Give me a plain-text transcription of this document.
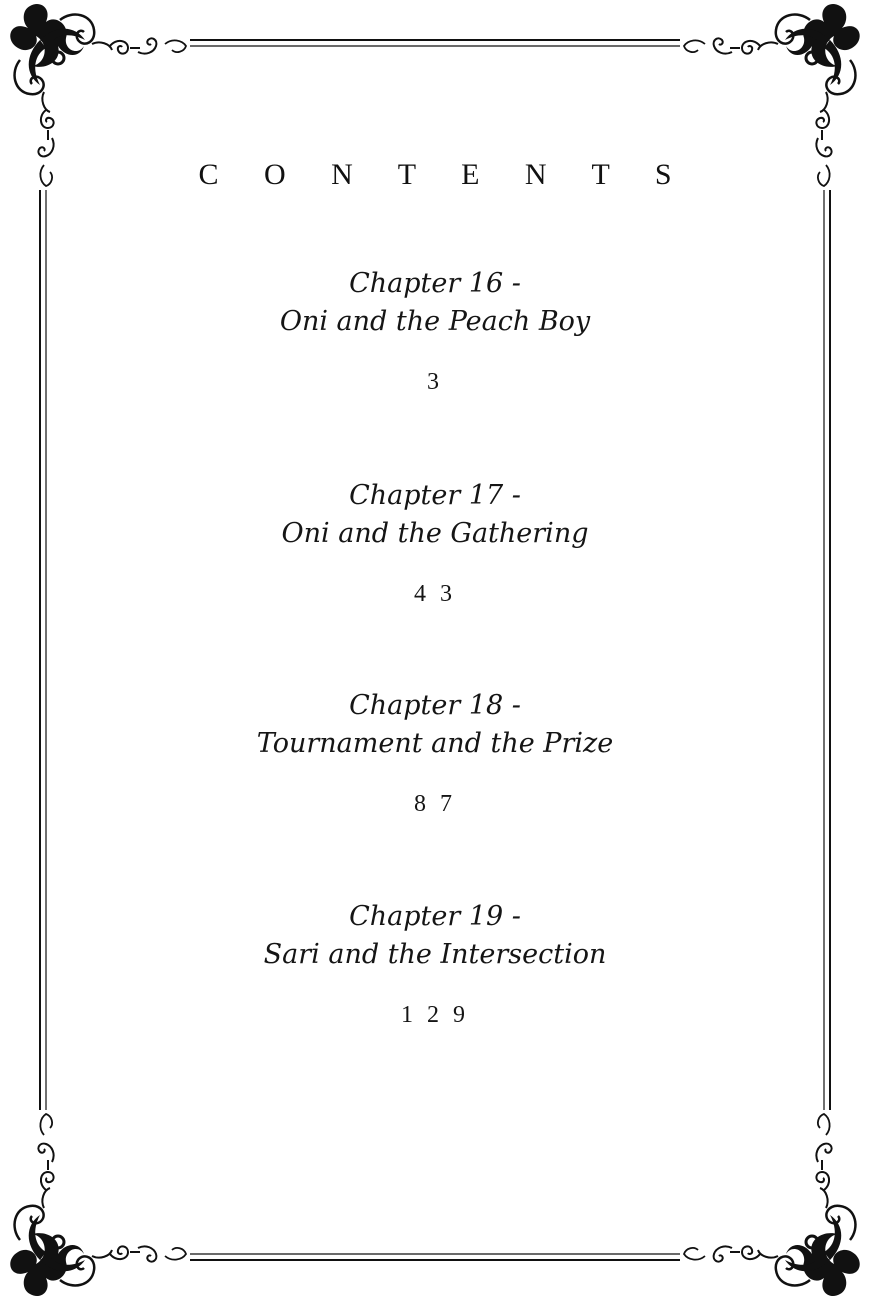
C O N T E N T S
Chapter 16 -
Oni and the Peach Boy
3
Chapter 17 -
Oni and the Gathering
4 3
Chapter 18 -
Tournament and the Prize
8 7
Chapter 19 -
Sari and the Intersection
1 2 9
